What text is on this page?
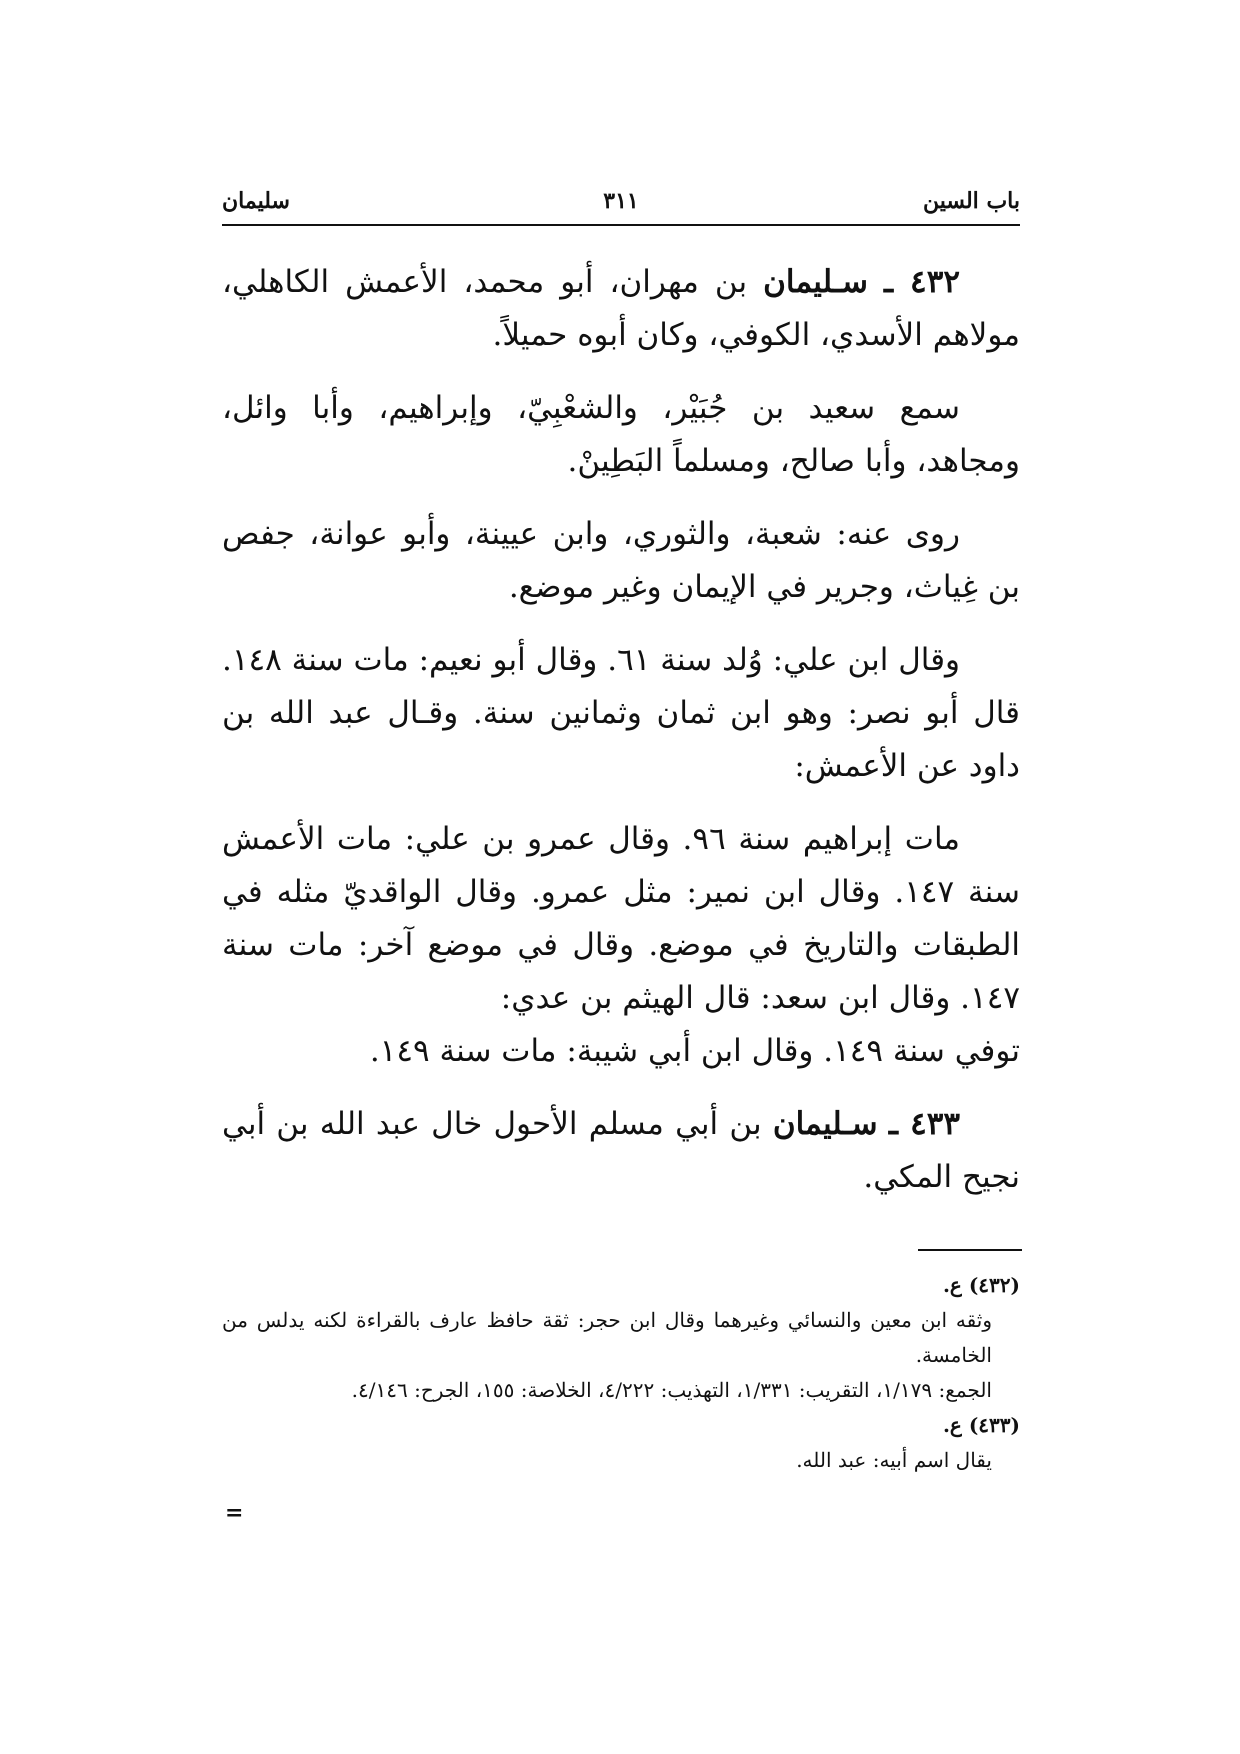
باب السين
٣١١
سليمان

٤٣٢ ـ سـليمان بن مهران، أبو محمد، الأعمش الكاهلي، مولاهم الأسدي، الكوفي، وكان أبوه حميلاً.

سمع سعيد بن جُبَيْر، والشعْبِيّ، وإبراهيم، وأبا وائل، ومجاهد، وأبا صالح، ومسلماً البَطِينْ.

روى عنه: شعبة، والثوري، وابن عيينة، وأبو عوانة، جفص بن غِياث، وجرير في الإيمان وغير موضع.

وقال ابن علي: وُلد سنة ٦١. وقال أبو نعيم: مات سنة ١٤٨. قال أبو نصر: وهو ابن ثمان وثمانين سنة. وقـال عبد الله بن داود عن الأعمش:

مات إبراهيم سنة ٩٦. وقال عمرو بن علي: مات الأعمش سنة ١٤٧. وقال ابن نمير: مثل عمرو. وقال الواقديّ مثله في الطبقات والتاريخ في موضع. وقال في موضع آخر: مات سنة ١٤٧. وقال ابن سعد: قال الهيثم بن عدي:

توفي سنة ١٤٩. وقال ابن أبي شيبة: مات سنة ١٤٩.

٤٣٣ ـ سـليمان بن أبي مسلم الأحول خال عبد الله بن أبي نجيح المكي.

(٤٣٢) ع.

وثقه ابن معين والنسائي وغيرهما وقال ابن حجر: ثقة حافظ عارف بالقراءة لكنه يدلس من الخامسة.

الجمع: ١/١٧٩، التقريب: ١/٣٣١، التهذيب: ٤/٢٢٢، الخلاصة: ١٥٥، الجرح: ٤/١٤٦.

(٤٣٣) ع.

يقال اسم أبيه: عبد الله.

=
